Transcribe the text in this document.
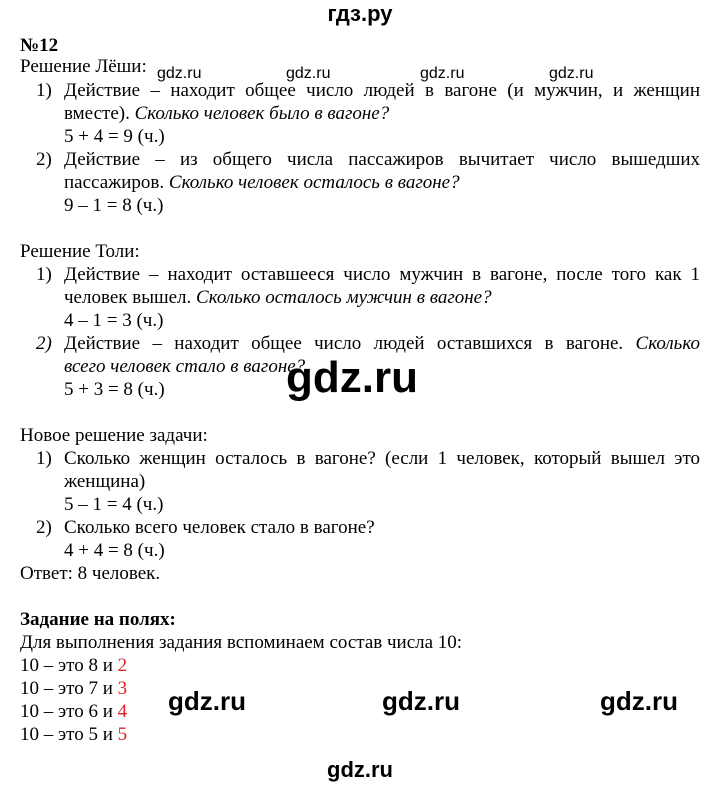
гдз.ру
№12
Решение Лёши:
1) Действие – находит общее число людей в вагоне (и мужчин, и женщин
вместе). Сколько человек было в вагоне?
5 + 4 = 9 (ч.)
2) Действие – из общего числа пассажиров вычитает число вышедших
пассажиров. Сколько человек осталось в вагоне?
9 – 1 = 8 (ч.)
Решение Толи:
1) Действие – находит оставшееся число мужчин в вагоне, после того как 1
человек вышел. Сколько осталось мужчин в вагоне?
4 – 1 = 3 (ч.)
2) Действие – находит общее число людей оставшихся в вагоне. Сколько
всего человек стало в вагоне?
5 + 3 = 8 (ч.)	gdz.ru
Новое решение задачи:
1) Сколько женщин осталось в вагоне? (если 1 человек, который вышел это
женщина)
5 – 1 = 4 (ч.)
2) Сколько всего человек стало в вагоне?
4 + 4 = 8 (ч.)
Ответ: 8 человек.
Задание на полях:
Для выполнения задания вспоминаем состав числа 10:
10 – это 8 и 2
10 – это 7 и 3
10 – это 6 и 4
10 – это 5 и 5
gdz.ru	gdz.ru	gdz.ru	gdz.ru
gdz.ru	gdz.ru	gdz.ru
gdz.ru
